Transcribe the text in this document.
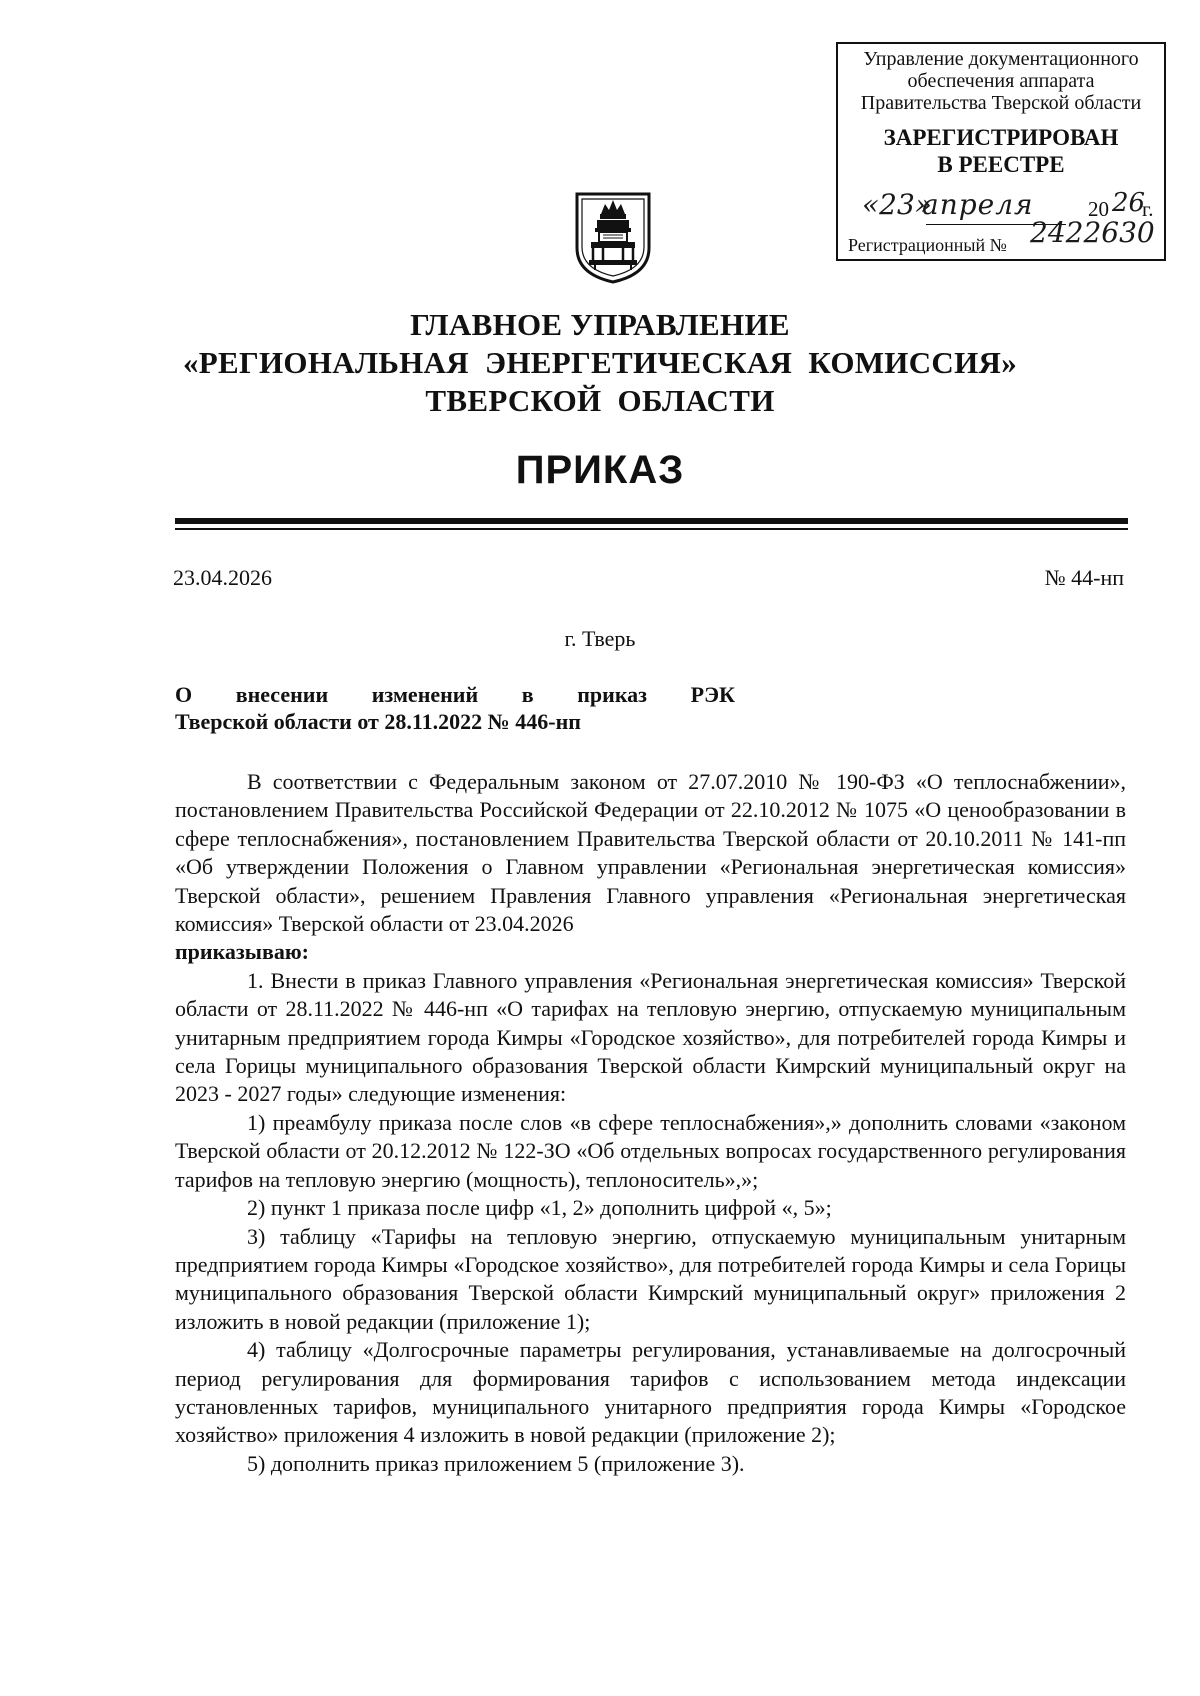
Управление документационного
обеспечения аппарата
Правительства Тверской области
ЗАРЕГИСТРИРОВАН
В РЕЕСТРЕ
«23»
апреля	20 26
г.
Регистрационный № 2422630
ГЛАВНОЕ УПРАВЛЕНИЕ
«РЕГИОНАЛЬНАЯ  ЭНЕРГЕТИЧЕСКАЯ  КОМИССИЯ»
ТВЕРСКОЙ  ОБЛАСТИ
ПРИКАЗ
23.04.2026	№ 44-нп
г. Тверь
О внесении изменений в приказ РЭК
Тверской области от 28.11.2022 № 446-нп

В соответствии с Федеральным законом от 27.07.2010 № 190-ФЗ «О теплоснабжении», постановлением Правительства Российской Федерации от 22.10.2012 № 1075 «О ценообразовании в сфере теплоснабжения», постановлением Правительства Тверской области от 20.10.2011 № 141-пп «Об утверждении Положения о Главном управлении «Региональная энергетическая комиссия» Тверской области», решением Правления Главного управления «Региональная энергетическая комиссия» Тверской области от 23.04.2026

приказываю:

1. Внести в приказ Главного управления «Региональная энергетическая комиссия» Тверской области от 28.11.2022 № 446-нп «О тарифах на тепловую энергию, отпускаемую муниципальным унитарным предприятием города Кимры «Городское хозяйство», для потребителей города Кимры и села Горицы муниципального образования Тверской области Кимрский муниципальный округ на 2023 - 2027 годы» следующие изменения:

1) преамбулу приказа после слов «в сфере теплоснабжения»,» дополнить словами «законом Тверской области от 20.12.2012 № 122-ЗО «Об отдельных вопросах государственного регулирования тарифов на тепловую энергию (мощность), теплоноситель»,»;

2) пункт 1 приказа после цифр «1, 2» дополнить цифрой «, 5»;

3) таблицу «Тарифы на тепловую энергию, отпускаемую муниципальным унитарным предприятием города Кимры «Городское хозяйство», для потребителей города Кимры и села Горицы муниципального образования Тверской области Кимрский муниципальный округ» приложения 2 изложить в новой редакции (приложение 1);

4) таблицу «Долгосрочные параметры регулирования, устанавливаемые на долгосрочный период регулирования для формирования тарифов с использованием метода индексации установленных тарифов, муниципального унитарного предприятия города Кимры «Городское хозяйство» приложения 4 изложить в новой редакции (приложение 2);

5) дополнить приказ приложением 5 (приложение 3).
